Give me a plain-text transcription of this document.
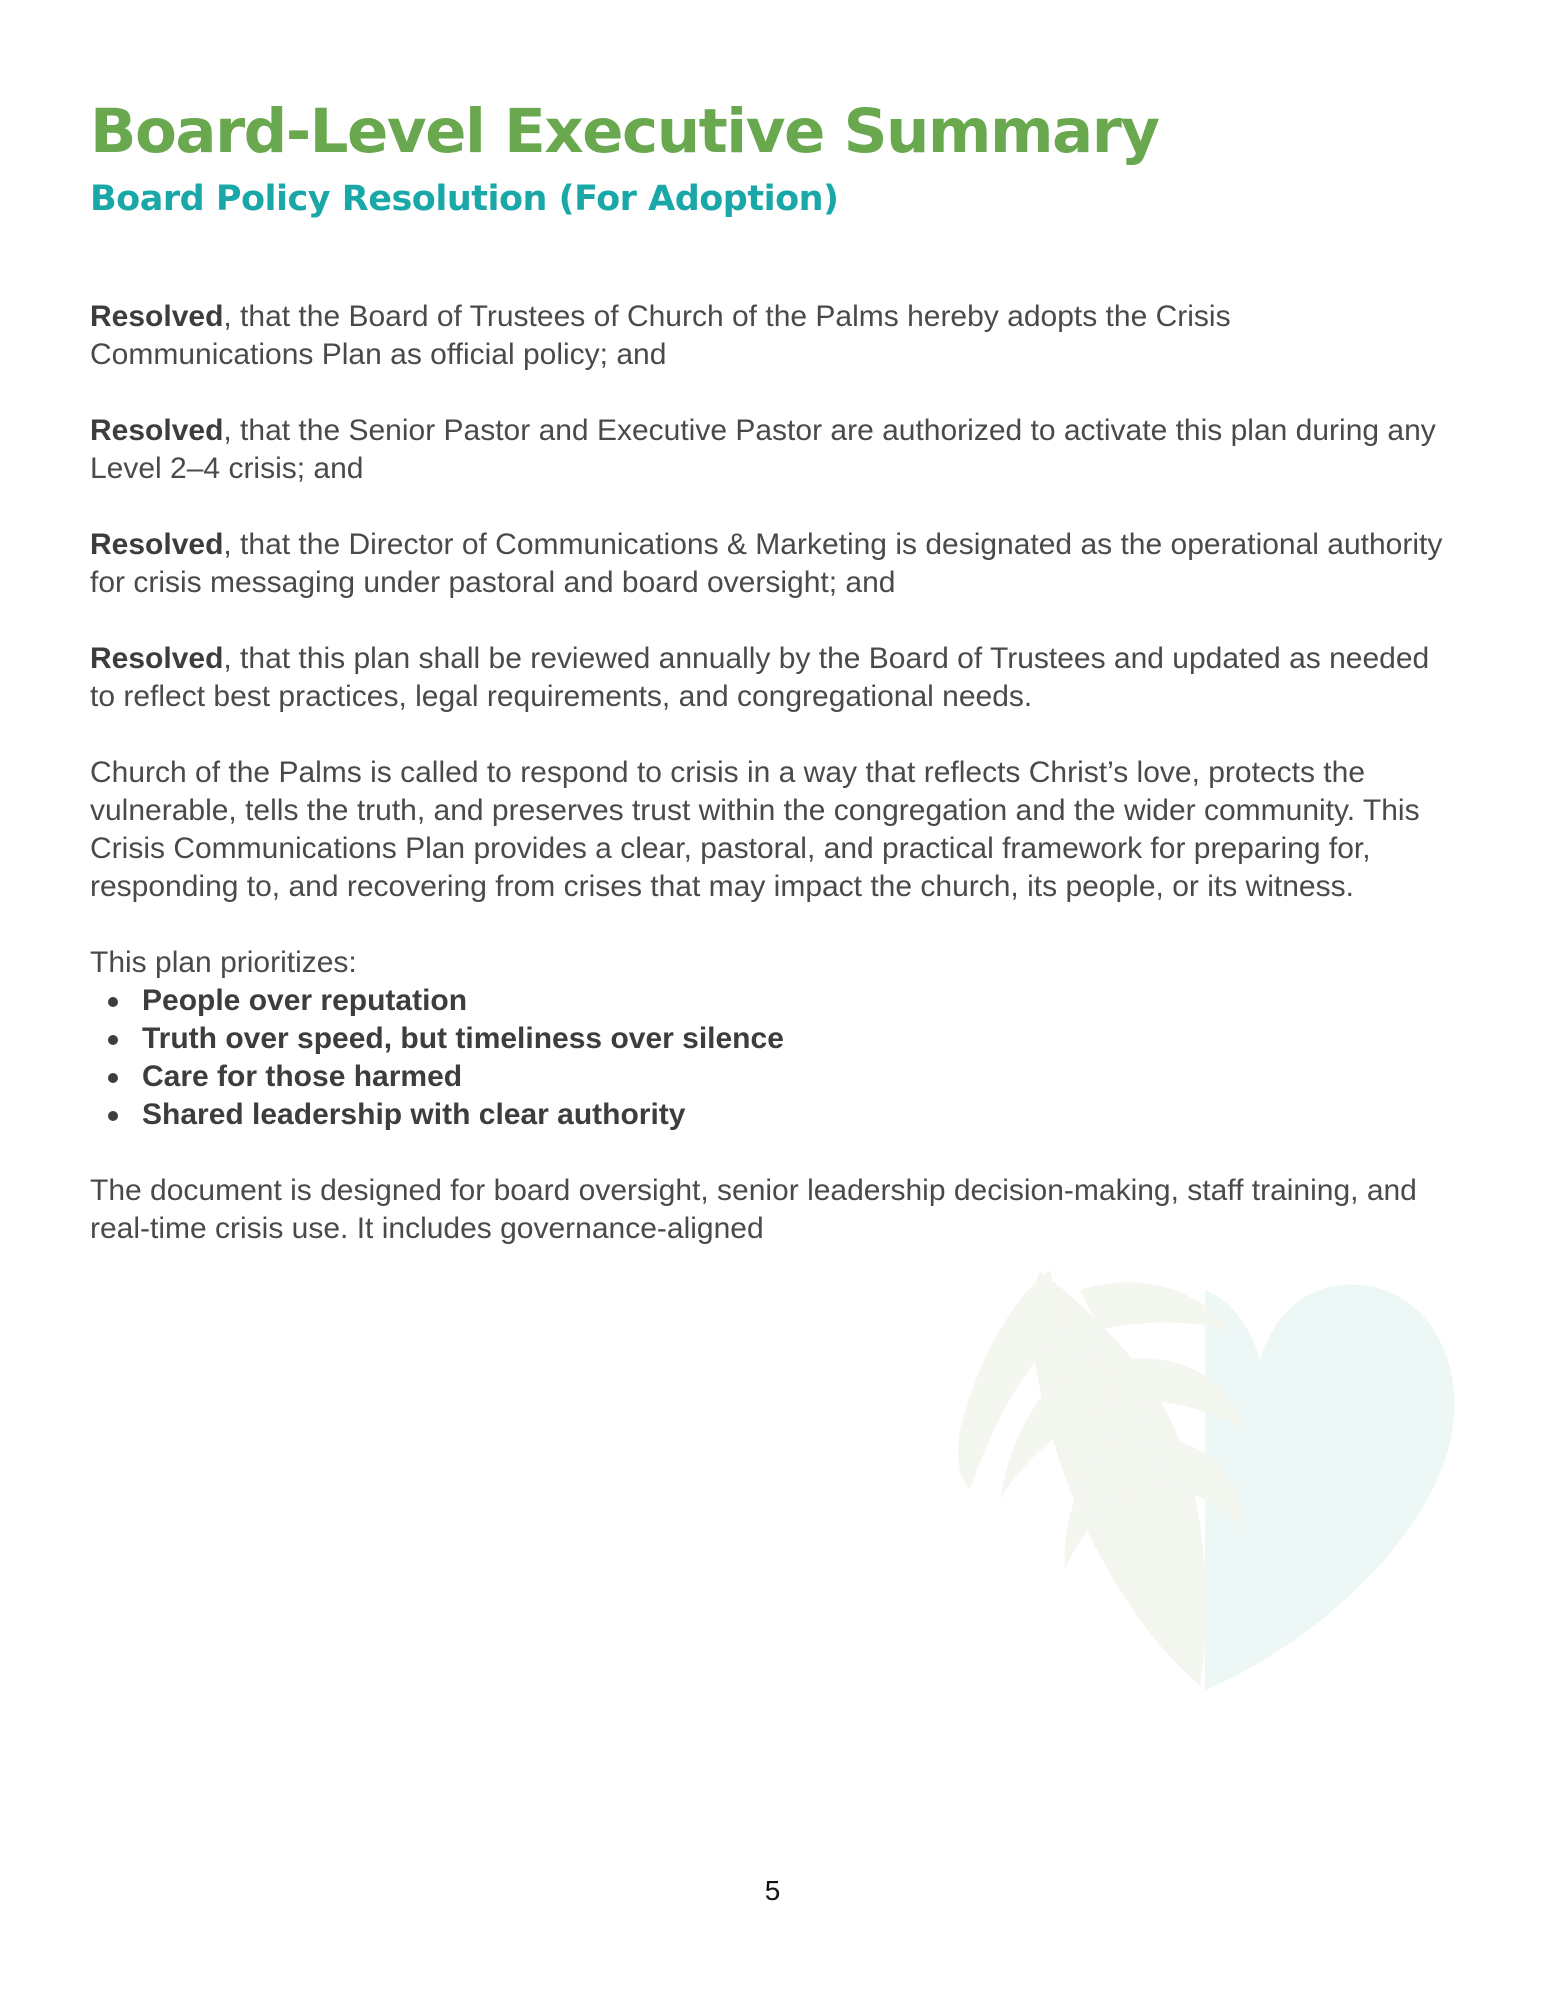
Board-Level Executive Summary
Board Policy Resolution (For Adoption)

Resolved, that the Board of Trustees of Church of the Palms hereby adopts the Crisis Communications Plan as official policy; and

Resolved, that the Senior Pastor and Executive Pastor are authorized to activate this plan during any Level 2–4 crisis; and

Resolved, that the Director of Communications & Marketing is designated as the operational authority for crisis messaging under pastoral and board oversight; and

Resolved, that this plan shall be reviewed annually by the Board of Trustees and updated as needed to reflect best practices, legal requirements, and congregational needs.

Church of the Palms is called to respond to crisis in a way that reflects Christ’s love, protects the vulnerable, tells the truth, and preserves trust within the congregation and the wider community. This Crisis Communications Plan provides a clear, pastoral, and practical framework for preparing for, responding to, and recovering from crises that may impact the church, its people, or its witness.

This plan prioritizes:

People over reputation
Truth over speed, but timeliness over silence
Care for those harmed
Shared leadership with clear authority

The document is designed for board oversight, senior leadership decision-making, staff training, and real-time crisis use. It includes governance-aligned

5
